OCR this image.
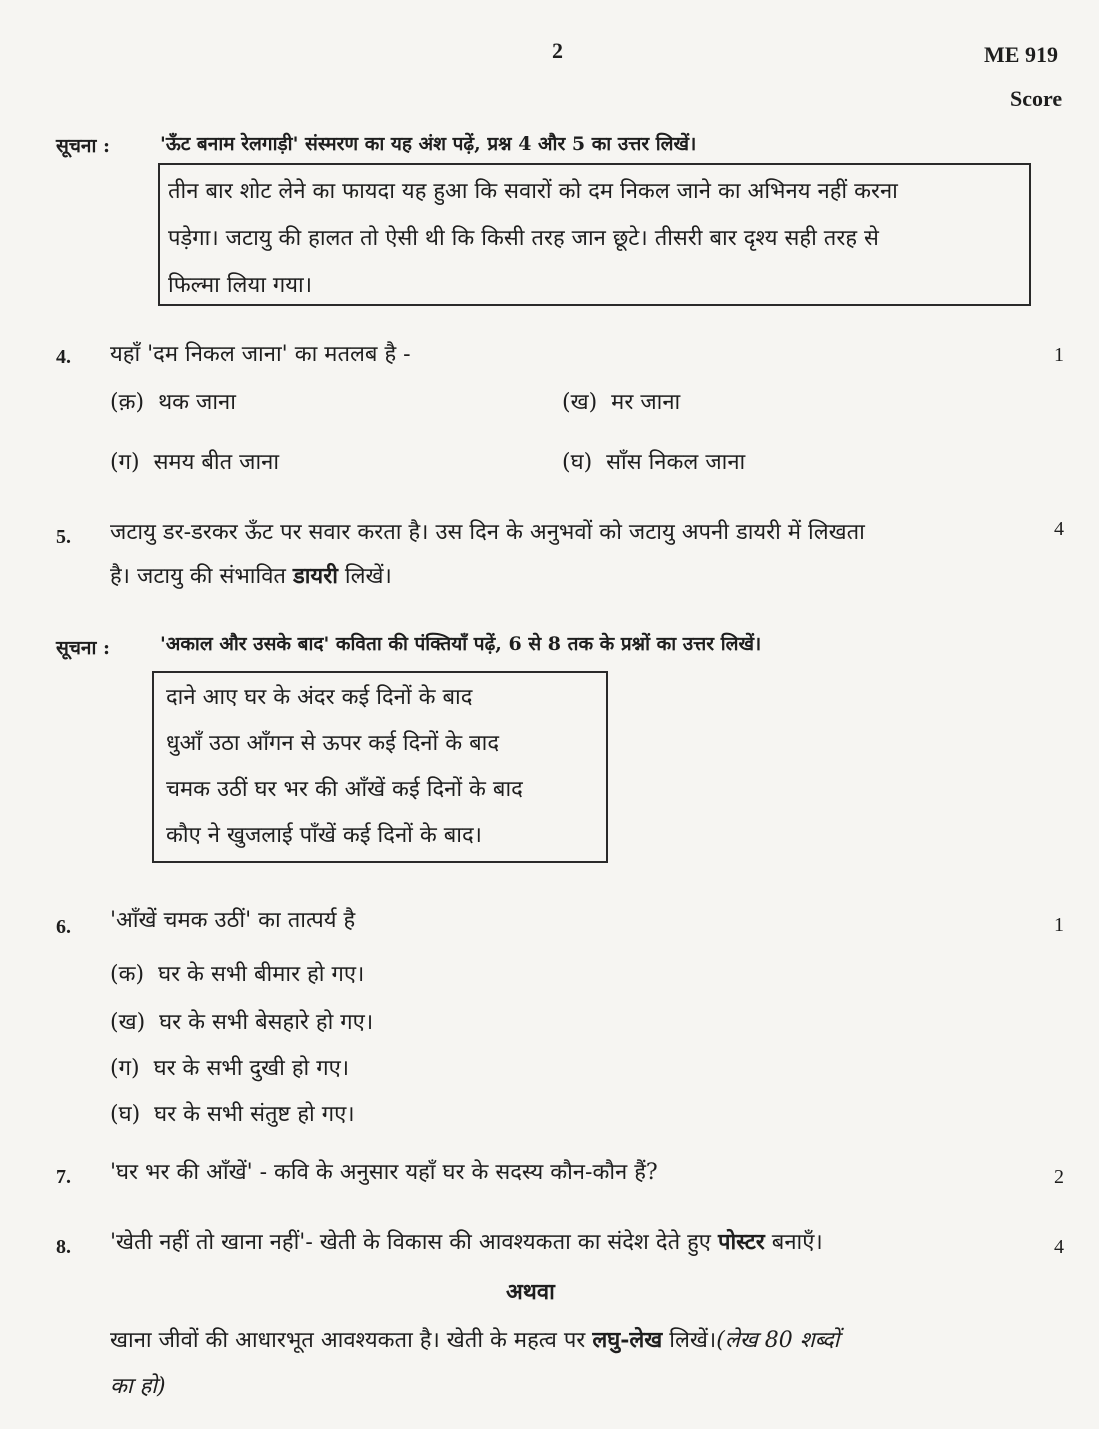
2	ME 919
Score
सूचना :	'ऊँट बनाम रेलगाड़ी' संस्मरण का यह अंश पढ़ें, प्रश्न 4 और 5 का उत्तर लिखें।
तीन बार शोट लेने का फायदा यह हुआ कि सवारों को दम निकल जाने का अभिनय नहीं करना
पड़ेगा। जटायु की हालत तो ऐसी थी कि किसी तरह जान छूटे। तीसरी बार दृश्य सही तरह से
फिल्मा लिया गया।
4. यहाँ 'दम निकल जाना' का मतलब है -	1
(क़) थक जाना	(ख) मर जाना
(ग) समय बीत जाना	(घ) साँस निकल जाना
5. जटायु डर-डरकर ऊँट पर सवार करता है। उस दिन के अनुभवों को जटायु अपनी डायरी में लिखता	4
है। जटायु की संभावित डायरी लिखें।
सूचना :	'अकाल और उसके बाद' कविता की पंक्तियाँ पढ़ें, 6 से 8 तक के प्रश्नों का उत्तर लिखें।
दाने आए घर के अंदर कई दिनों के बाद
धुआँ उठा आँगन से ऊपर कई दिनों के बाद
चमक उठीं घर भर की आँखें कई दिनों के बाद
कौए ने खुजलाई पाँखें कई दिनों के बाद।
6. 'आँखें चमक उठीं' का तात्पर्य है	1
(क) घर के सभी बीमार हो गए।
(ख) घर के सभी बेसहारे हो गए।
(ग) घर के सभी दुखी हो गए।
(घ) घर के सभी संतुष्ट हो गए।
7. 'घर भर की आँखें' - कवि के अनुसार यहाँ घर के सदस्य कौन-कौन हैं?	2
8. 'खेती नहीं तो खाना नहीं'- खेती के विकास की आवश्यकता का संदेश देते हुए पोस्टर बनाएँ।	4
अथवा
खाना जीवों की आधारभूत आवश्यकता है। खेती के महत्व पर लघु-लेख लिखें।(लेख 80 शब्दों
का हो)
